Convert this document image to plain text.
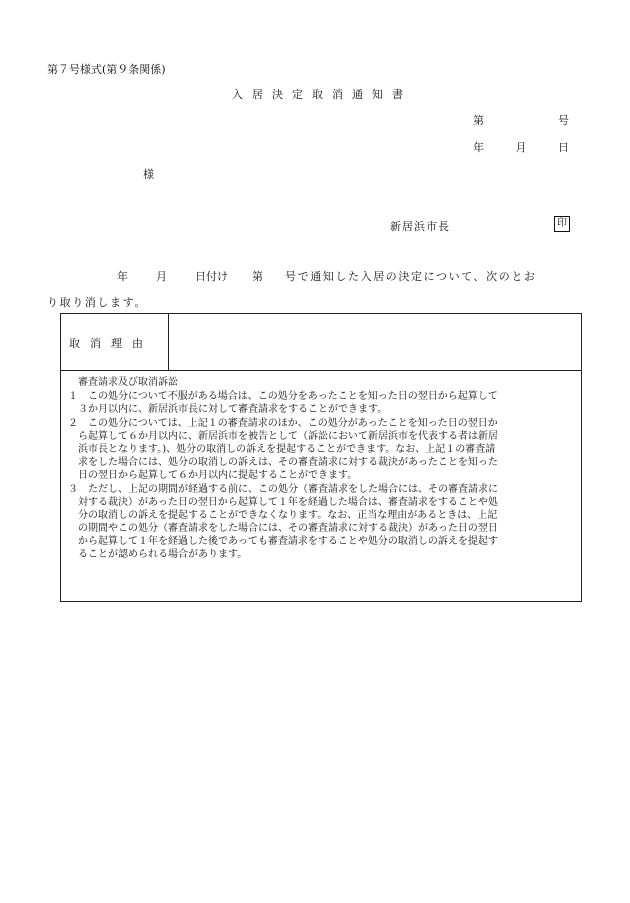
第７号様式(第９条関係)
入居決定取消通知書
第	号
年	月	日
様
新居浜市長	印
年	月	日付け 第 号で通知した入居の決定について、次のとお
り取り消します。
取消理由
審査請求及び取消訴訟
１　この処分について不服がある場合は、この処分をあったことを知った日の翌日から起算して
３か月以内に、新居浜市長に対して審査請求をすることができます。
２　この処分については、上記１の審査請求のほか、この処分があったことを知った日の翌日か
ら起算して６か月以内に、新居浜市を被告として（訴訟において新居浜市を代表する者は新居
浜市長となります。)、処分の取消しの訴えを提起することができます。なお、上記１の審査請
求をした場合には、処分の取消しの訴えは、その審査請求に対する裁決があったことを知った
日の翌日から起算して６か月以内に提起することができます。
３　ただし、上記の期間が経過する前に、この処分（審査請求をした場合には、その審査請求に
対する裁決）があった日の翌日から起算して１年を経過した場合は、審査請求をすることや処
分の取消しの訴えを提起することができなくなります。なお、正当な理由があるときは、上記
の期間やこの処分（審査請求をした場合には、その審査請求に対する裁決）があった日の翌日
から起算して１年を経過した後であっても審査請求をすることや処分の取消しの訴えを提起す
ることが認められる場合があります。
